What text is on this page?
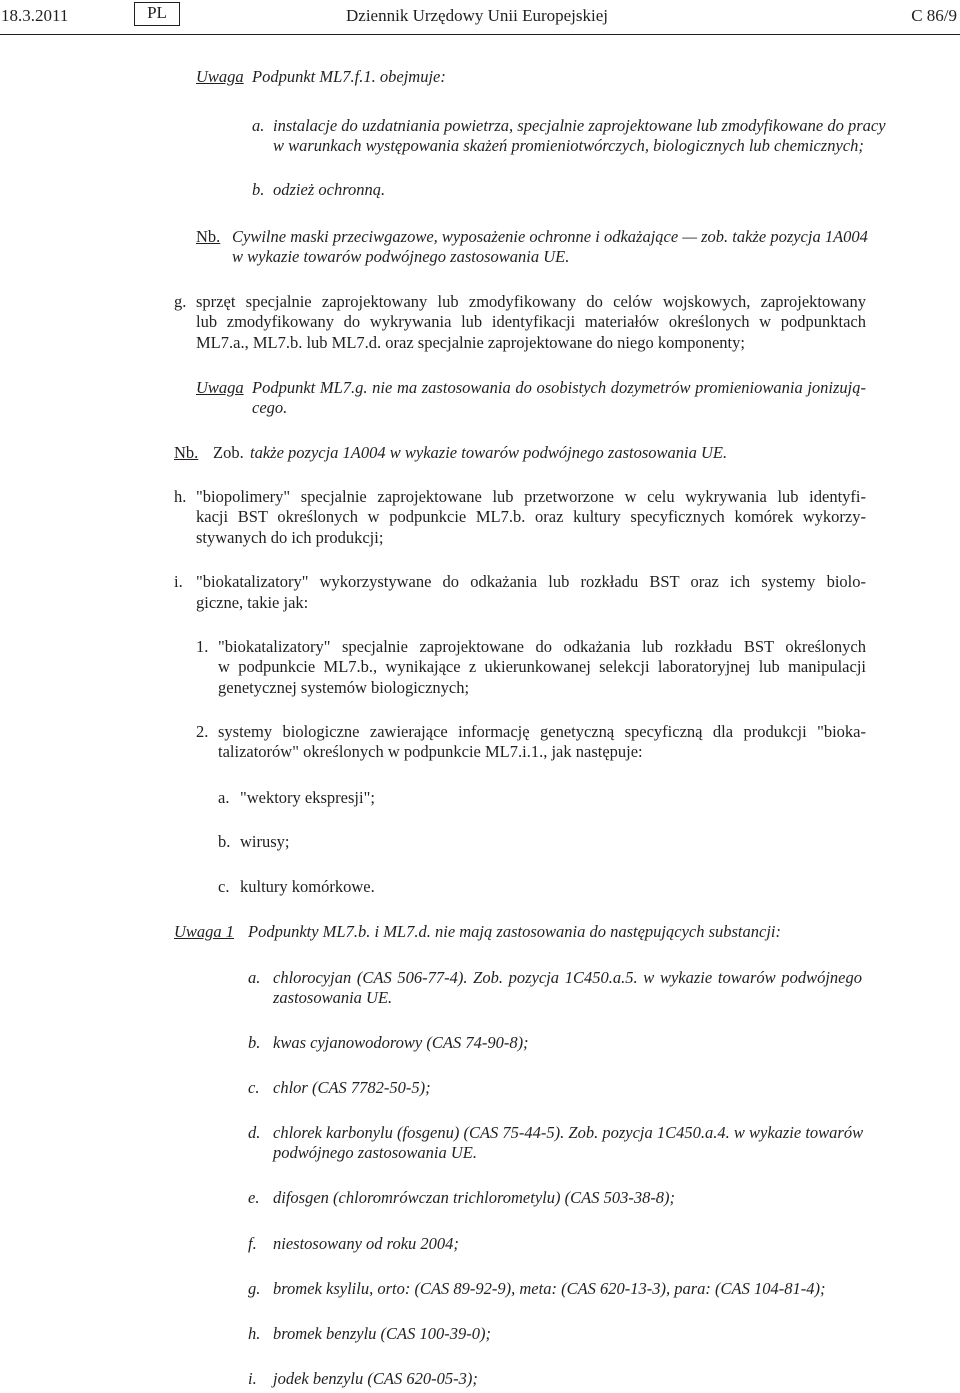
18.3.2011	PL	Dziennik Urzędowy Unii Europejskiej	C 86/9
Uwaga Podpunkt ML7.f.1. obejmuje:
a. instalacje do uzdatniania powietrza, specjalnie zaprojektowane lub zmodyfikowane do pracy
w warunkach występowania skażeń promieniotwórczych, biologicznych lub chemicznych;
b. odzież ochronną.
Nb. Cywilne maski przeciwgazowe, wyposażenie ochronne i odkażające — zob. także pozycja 1A004
w wykazie towarów podwójnego zastosowania UE.
g. sprzęt specjalnie zaprojektowany lub zmodyfikowany do celów wojskowych, zaprojektowany
lub zmodyfikowany do wykrywania lub identyfikacji materiałów określonych w podpunktach
ML7.a., ML7.b. lub ML7.d. oraz specjalnie zaprojektowane do niego komponenty;
Uwaga Podpunkt ML7.g. nie ma zastosowania do osobistych dozymetrów promieniowania jonizują-
cego.
Nb. Zob. także pozycja 1A004 w wykazie towarów podwójnego zastosowania UE.
h. "biopolimery" specjalnie zaprojektowane lub przetworzone w celu wykrywania lub identyfi-
kacji BST określonych w podpunkcie ML7.b. oraz kultury specyficznych komórek wykorzy-
stywanych do ich produkcji;
i. "biokatalizatory" wykorzystywane do odkażania lub rozkładu BST oraz ich systemy biolo-
giczne, takie jak:
1. "biokatalizatory" specjalnie zaprojektowane do odkażania lub rozkładu BST określonych
w podpunkcie ML7.b., wynikające z ukierunkowanej selekcji laboratoryjnej lub manipulacji
genetycznej systemów biologicznych;
2. systemy biologiczne zawierające informację genetyczną specyficzną dla produkcji "bioka-
talizatorów" określonych w podpunkcie ML7.i.1., jak następuje:
a. "wektory ekspresji";
b. wirusy;
c. kultury komórkowe.
Uwaga 1 Podpunkty ML7.b. i ML7.d. nie mają zastosowania do następujących substancji:
a. chlorocyjan (CAS 506-77-4). Zob. pozycja 1C450.a.5. w wykazie towarów podwójnego
zastosowania UE.
b. kwas cyjanowodorowy (CAS 74-90-8);
c. chlor (CAS 7782-50-5);
d. chlorek karbonylu (fosgenu) (CAS 75-44-5). Zob. pozycja 1C450.a.4. w wykazie towarów
podwójnego zastosowania UE.
e. difosgen (chloromrówczan trichlorometylu) (CAS 503-38-8);
f. niestosowany od roku 2004;
g. bromek ksylilu, orto: (CAS 89-92-9), meta: (CAS 620-13-3), para: (CAS 104-81-4);
h. bromek benzylu (CAS 100-39-0);
i. jodek benzylu (CAS 620-05-3);
